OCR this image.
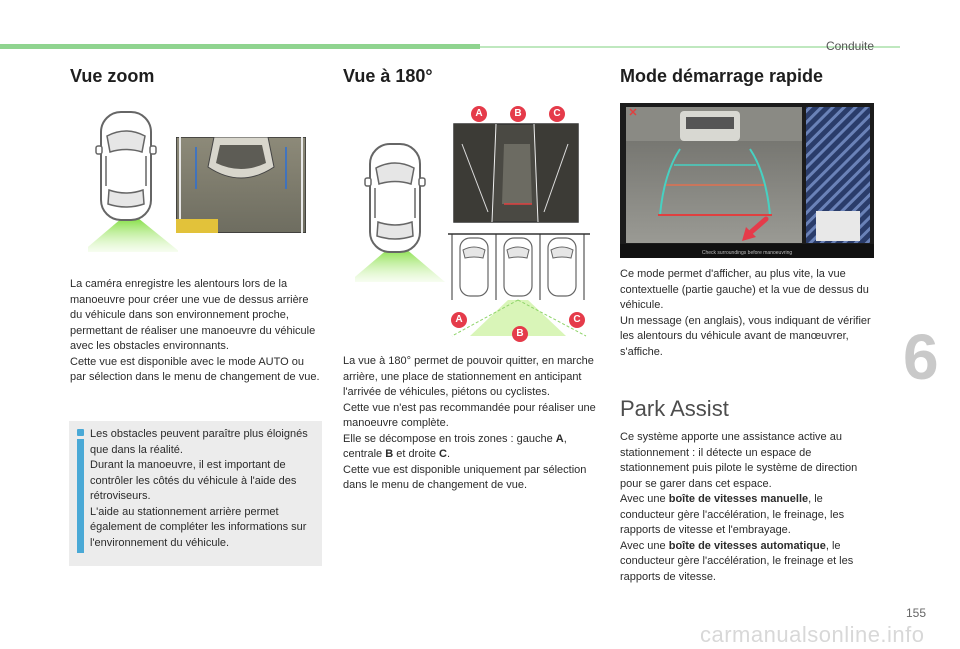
Conduite
Vue zoom

La caméra enregistre les alentours lors de la manoeuvre pour créer une vue de dessus arrière du véhicule dans son environnement proche, permettant de réaliser une manoeuvre du véhicule avec les obstacles environnants.

Cette vue est disponible avec le mode AUTO ou par sélection dans le menu de changement de vue.

Les obstacles peuvent paraître plus éloignés que dans la réalité.

Durant la manoeuvre, il est important de contrôler les côtés du véhicule à l'aide des rétroviseurs.

L'aide au stationnement arrière permet également de compléter les informations sur l'environnement du véhicule.

Vue à 180°
A	B	C
A
B
C

La vue à 180° permet de pouvoir quitter, en marche arrière, une place de stationnement en anticipant l'arrivée de véhicules, piétons ou cyclistes.

Cette vue n'est pas recommandée pour réaliser une manoeuvre complète.

Elle se décompose en trois zones : gauche A, centrale B et droite C.

Cette vue est disponible uniquement par sélection dans le menu de changement de vue.

Mode démarrage rapide
Check surroundings before manoeuvring

Ce mode permet d'afficher, au plus vite, la vue contextuelle (partie gauche) et la vue de dessus du véhicule.

Un message (en anglais), vous indiquant de vérifier les alentours du véhicule avant de manœuvrer, s'affiche.

Park Assist

Ce système apporte une assistance active au stationnement : il détecte un espace de stationnement puis pilote le système de direction pour se garer dans cet espace.

Avec une boîte de vitesses manuelle, le conducteur gère l'accélération, le freinage, les rapports de vitesse et l'embrayage.

Avec une boîte de vitesses automatique, le conducteur gère l'accélération, le freinage et les rapports de vitesse.

6
155
carmanualsonline.info
